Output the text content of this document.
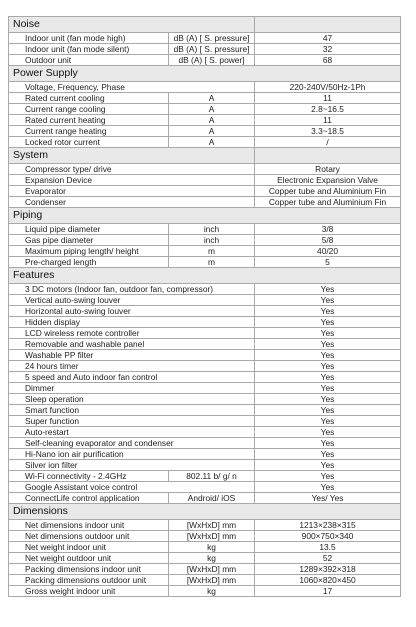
Noise		
Indoor unit (fan mode high)	dB (A) [ S. pressure]	47
Indoor unit (fan mode silent)	dB (A) [ S. pressure]	32
Outdoor unit	dB (A) [ S. power]	68
Power Supply		
Voltage, Frequency, Phase		220-240V/50Hz-1Ph
Rated current cooling	A	11
Current range cooling	A	2.8~16.5
Rated current heating	A	11
Current range heating	A	3.3~18.5
Locked rotor current	A	/
System		
Compressor type/ drive		Rotary
Expansion Device		Electronic Expansion Valve
Evaporator		Copper tube and Aluminium Fin
Condenser		Copper tube and Aluminium Fin
Piping		
Liquid pipe diameter	inch	3/8
Gas pipe diameter	inch	5/8
Maximum piping length/ height	m	40/20
Pre-charged length	m	5
Features		
3 DC motors (Indoor fan, outdoor fan, compressor)		Yes
Vertical auto-swing louver		Yes
Horizontal auto-swing louver		Yes
Hidden display		Yes
LCD wireless remote controller		Yes
Removable and washable panel		Yes
Washable PP filter		Yes
24 hours timer		Yes
5 speed and Auto indoor fan control		Yes
Dimmer		Yes
Sleep operation		Yes
Smart function		Yes
Super function		Yes
Auto-restart		Yes
Self-cleaning evaporator and condenser		Yes
Hi-Nano ion air purification		Yes
Silver ion filter		Yes
Wi-Fi connectivity - 2.4GHz	802.11 b/ g/ n	Yes
Google Assistant voice control		Yes
ConnectLife control application	Android/ iOS	Yes/ Yes
Dimensions		
Net dimensions indoor unit	[WxHxD] mm	1213×238×315
Net dimensions outdoor unit	[WxHxD] mm	900×750×340
Net weight indoor unit	kg	13.5
Net weight outdoor unit	kg	52
Packing dimensions indoor unit	[WxHxD] mm	1289×392×318
Packing dimensions outdoor unit	[WxHxD] mm	1060×820×450
Gross weight indoor unit	kg	17
